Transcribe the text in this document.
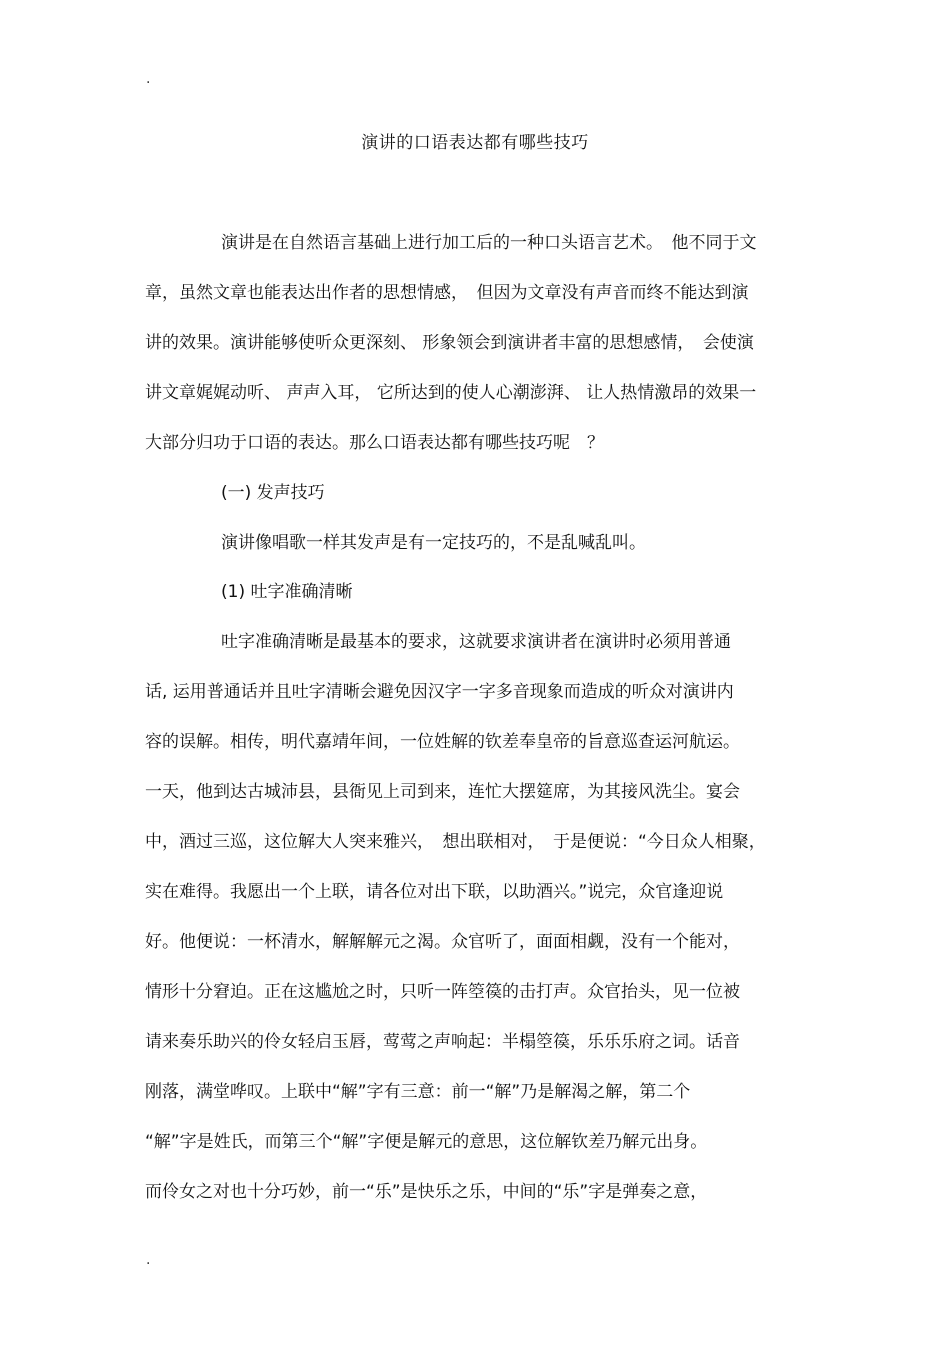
.
演讲的口语表达都有哪些技巧
演讲是在自然语言基础上进行加工后的一种口头语言艺术。　他不同于文
章，虽然文章也能表达出作者的思想情感，　但因为文章没有声音而终不能达到演
讲的效果。演讲能够使听众更深刻、 形象领会到演讲者丰富的思想感情，　会使演
讲文章娓娓动听、 声声入耳， 它所达到的使人心潮澎湃、 让人热情激昂的效果一
大部分归功于口语的表达。那么口语表达都有哪些技巧呢　？
(一) 发声技巧
演讲像唱歌一样其发声是有一定技巧的，不是乱喊乱叫。
(1) 吐字准确清晰
吐字准确清晰是最基本的要求，这就要求演讲者在演讲时必须用普通
话, 运用普通话并且吐字清晰会避免因汉字一字多音现象而造成的听众对演讲内
容的误解。相传，明代嘉靖年间，一位姓解的钦差奉皇帝的旨意巡查运河航运。
一天，他到达古城沛县，县衙见上司到来，连忙大摆筵席，为其接风洗尘。宴会
中，酒过三巡，这位解大人突来雅兴，　想出联相对，　于是便说：“今日众人相聚，
实在难得。我愿出一个上联，请各位对出下联，以助酒兴。”说完，众官逢迎说
好。他便说：一杯清水，解解解元之渴。众官听了，面面相觑，没有一个能对，
情形十分窘迫。正在这尴尬之时，只听一阵箜篌的击打声。众官抬头，见一位被
请来奏乐助兴的伶女轻启玉唇，莺莺之声响起：半榻箜篌，乐乐乐府之词。话音
刚落，满堂哗叹。上联中“解”字有三意：前一“解”乃是解渴之解，第二个
“解”字是姓氏，而第三个“解”字便是解元的意思，这位解钦差乃解元出身。
而伶女之对也十分巧妙，前一“乐”是快乐之乐，中间的“乐”字是弹奏之意，
.
